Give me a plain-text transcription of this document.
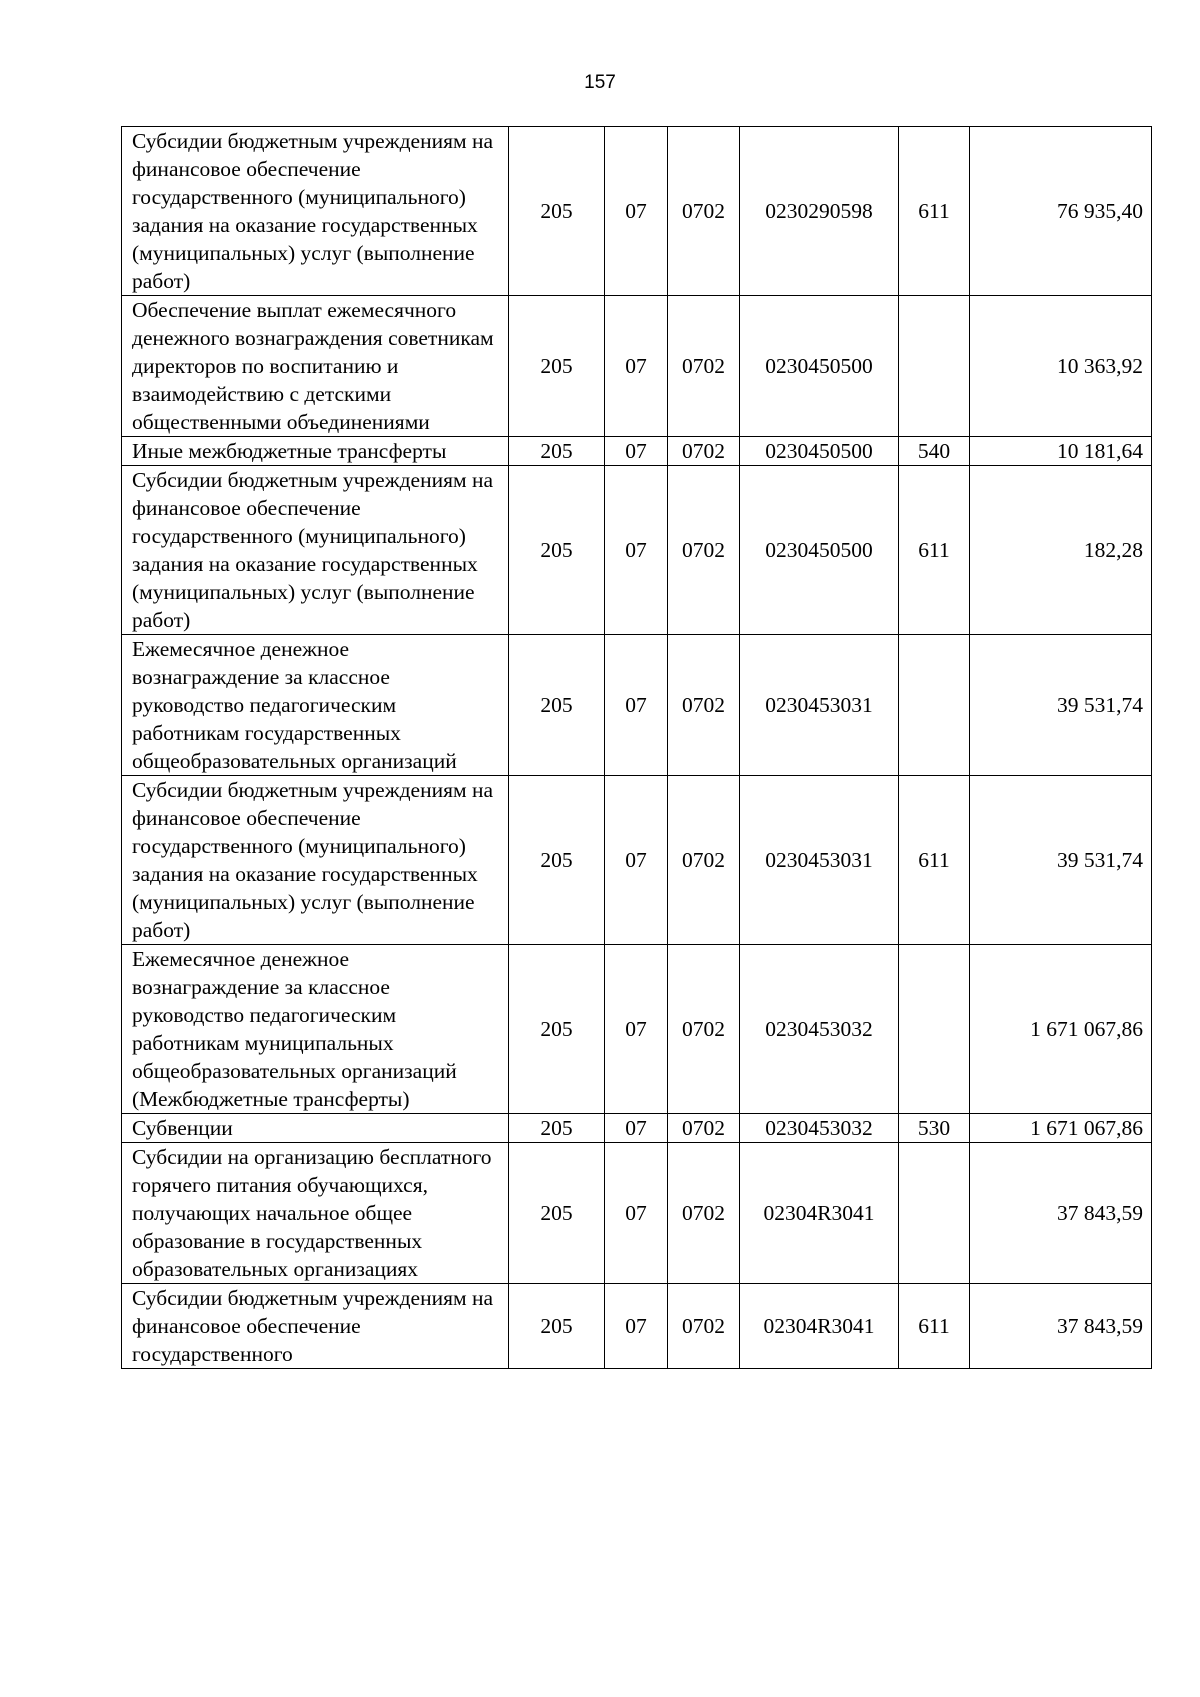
157
Субсидии бюджетным учреждениям на финансовое обеспечение государственного (муниципального) задания на оказание государственных (муниципальных) услуг (выполнение работ)	205	07	0702	0230290598	611	76 935,40
Обеспечение выплат ежемесячного денежного вознаграждения советникам директоров по воспитанию и взаимодействию с детскими общественными объединениями	205	07	0702	0230450500		10 363,92
Иные межбюджетные трансферты	205	07	0702	0230450500	540	10 181,64
Субсидии бюджетным учреждениям на финансовое обеспечение государственного (муниципального) задания на оказание государственных (муниципальных) услуг (выполнение работ)	205	07	0702	0230450500	611	182,28
Ежемесячное денежное вознаграждение за классное руководство педагогическим работникам государственных общеобразовательных организаций	205	07	0702	0230453031		39 531,74
Субсидии бюджетным учреждениям на финансовое обеспечение государственного (муниципального) задания на оказание государственных (муниципальных) услуг (выполнение работ)	205	07	0702	0230453031	611	39 531,74
Ежемесячное денежное вознаграждение за классное руководство педагогическим работникам муниципальных общеобразовательных организаций (Межбюджетные трансферты)	205	07	0702	0230453032		1 671 067,86
Субвенции	205	07	0702	0230453032	530	1 671 067,86
Субсидии на организацию бесплатного горячего питания обучающихся, получающих начальное общее образование в государственных образовательных организациях	205	07	0702	02304R3041		37 843,59
Субсидии бюджетным учреждениям на финансовое обеспечение государственного	205	07	0702	02304R3041	611	37 843,59
